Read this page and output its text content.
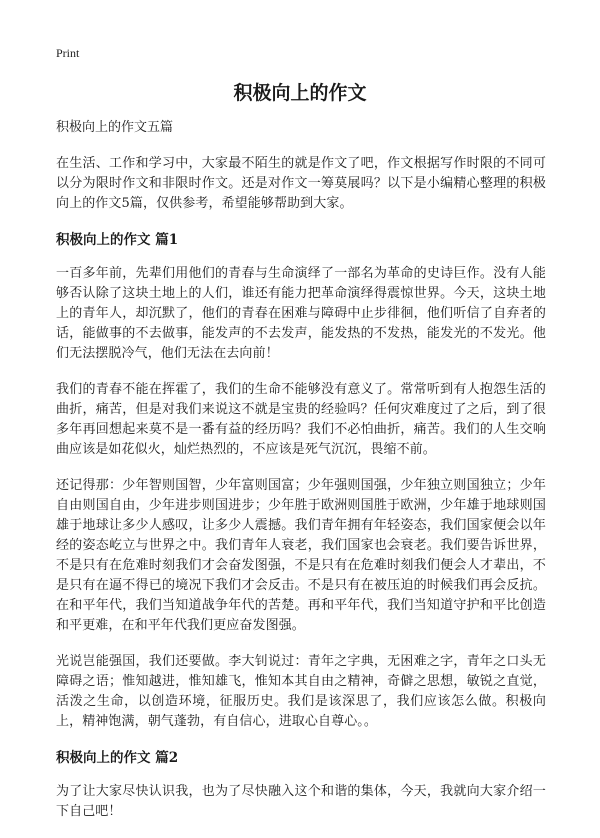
Print
积极向上的作文
积极向上的作文五篇

在生活、工作和学习中，大家最不陌生的就是作文了吧，作文根据写作时限的不同可以分为限时作文和非限时作文。还是对作文一筹莫展吗？以下是小编精心整理的积极向上的作文5篇，仅供参考，希望能够帮助到大家。

积极向上的作文 篇1

一百多年前，先辈们用他们的青春与生命演绎了一部名为革命的史诗巨作。没有人能够否认除了这块土地上的人们，谁还有能力把革命演绎得震惊世界。今天，这块土地上的青年人，却沉默了，他们的青春在困难与障碍中止步徘徊，他们听信了自弃者的话，能做事的不去做事，能发声的不去发声，能发热的不发热，能发光的不发光。他们无法摆脱冷气，他们无法在去向前！

我们的青春不能在挥霍了，我们的生命不能够没有意义了。常常听到有人抱怨生活的曲折，痛苦，但是对我们来说这不就是宝贵的经验吗？任何灾难度过了之后，到了很多年再回想起来莫不是一番有益的经历吗？我们不必怕曲折，痛苦。我们的人生交响曲应该是如花似火，灿烂热烈的，不应该是死气沉沉，畏缩不前。

还记得那：少年智则国智，少年富则国富；少年强则国强，少年独立则国独立；少年自由则国自由，少年进步则国进步；少年胜于欧洲则国胜于欧洲，少年雄于地球则国雄于地球让多少人感叹，让多少人震撼。我们青年拥有年轻姿态，我们国家便会以年经的姿态屹立与世界之中。我们青年人衰老，我们国家也会衰老。我们要告诉世界，不是只有在危难时刻我们才会奋发图强，不是只有在危难时刻我们便会人才辈出，不是只有在逼不得已的境况下我们才会反击。不是只有在被压迫的时候我们再会反抗。在和平年代，我们当知道战争年代的苦楚。再和平年代，我们当知道守护和平比创造和平更难，在和平年代我们更应奋发图强。

光说岂能强国，我们还要做。李大钊说过：青年之字典，无困难之字，青年之口头无障碍之语；惟知越进，惟知雄飞，惟知本其自由之精神，奇僻之思想，敏锐之直觉，活泼之生命，以创造环境，征服历史。我们是该深思了，我们应该怎么做。积极向上，精神饱满，朝气蓬勃，有自信心，进取心自尊心。。

积极向上的作文 篇2

为了让大家尽快认识我，也为了尽快融入这个和谐的集体，今天，我就向大家介绍一下自己吧！
